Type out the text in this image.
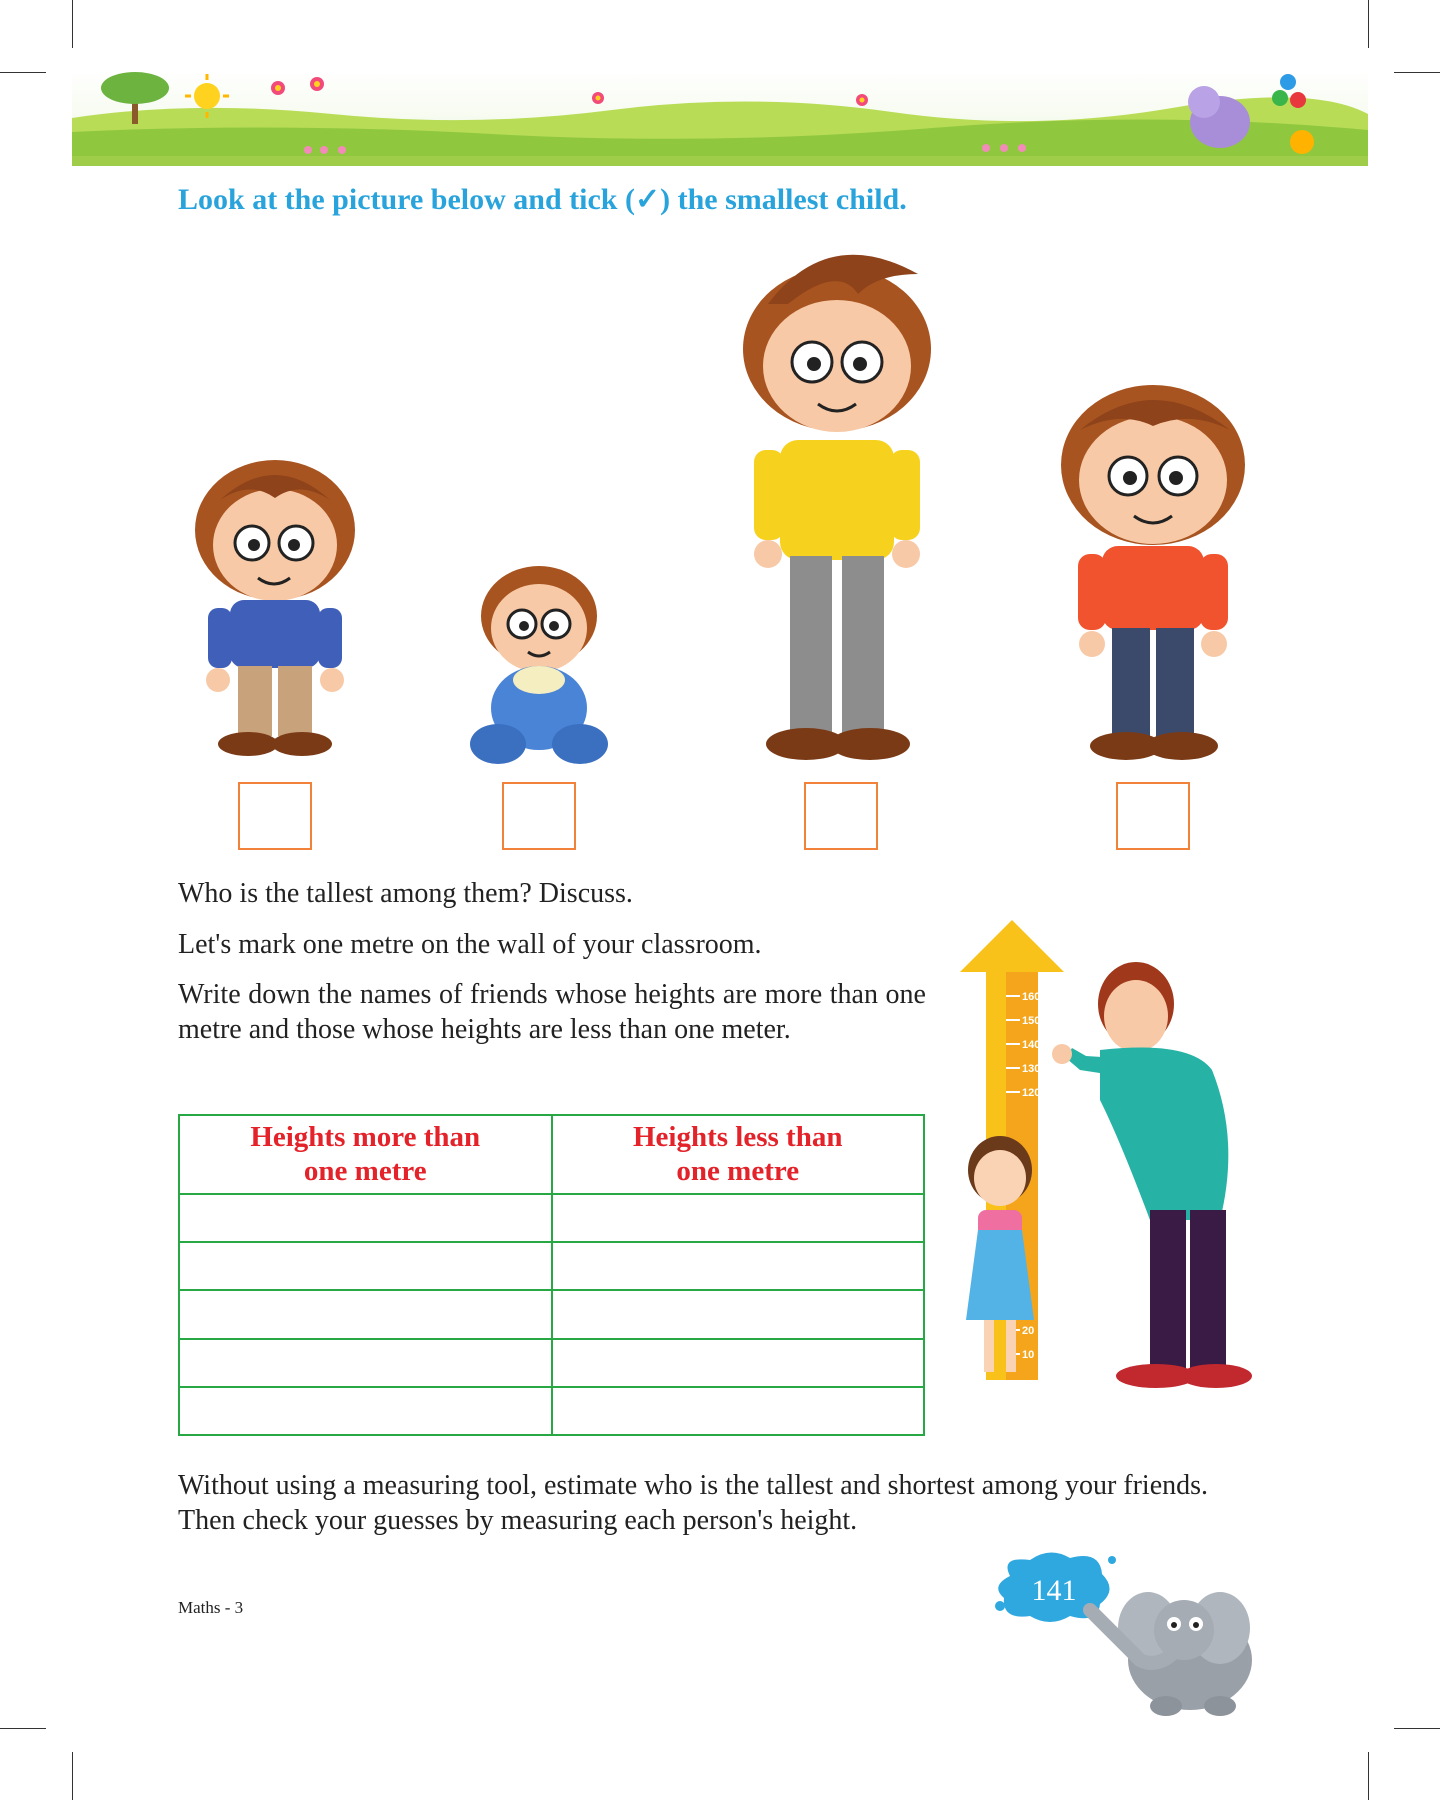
Look at the picture below and tick (✓) the smallest child.
Who is the tallest among them? Discuss.
Let's mark one metre on the wall of your classroom.
Write down the names of friends whose heights are more than one metre and those whose heights are less than one meter.
Heights more than one metre	Heights less than one metre

160
150
140
130
120
20
10
Without using a measuring tool, estimate who is the tallest and shortest among your friends. Then check your guesses by measuring each person's height.
Maths - 3
141
